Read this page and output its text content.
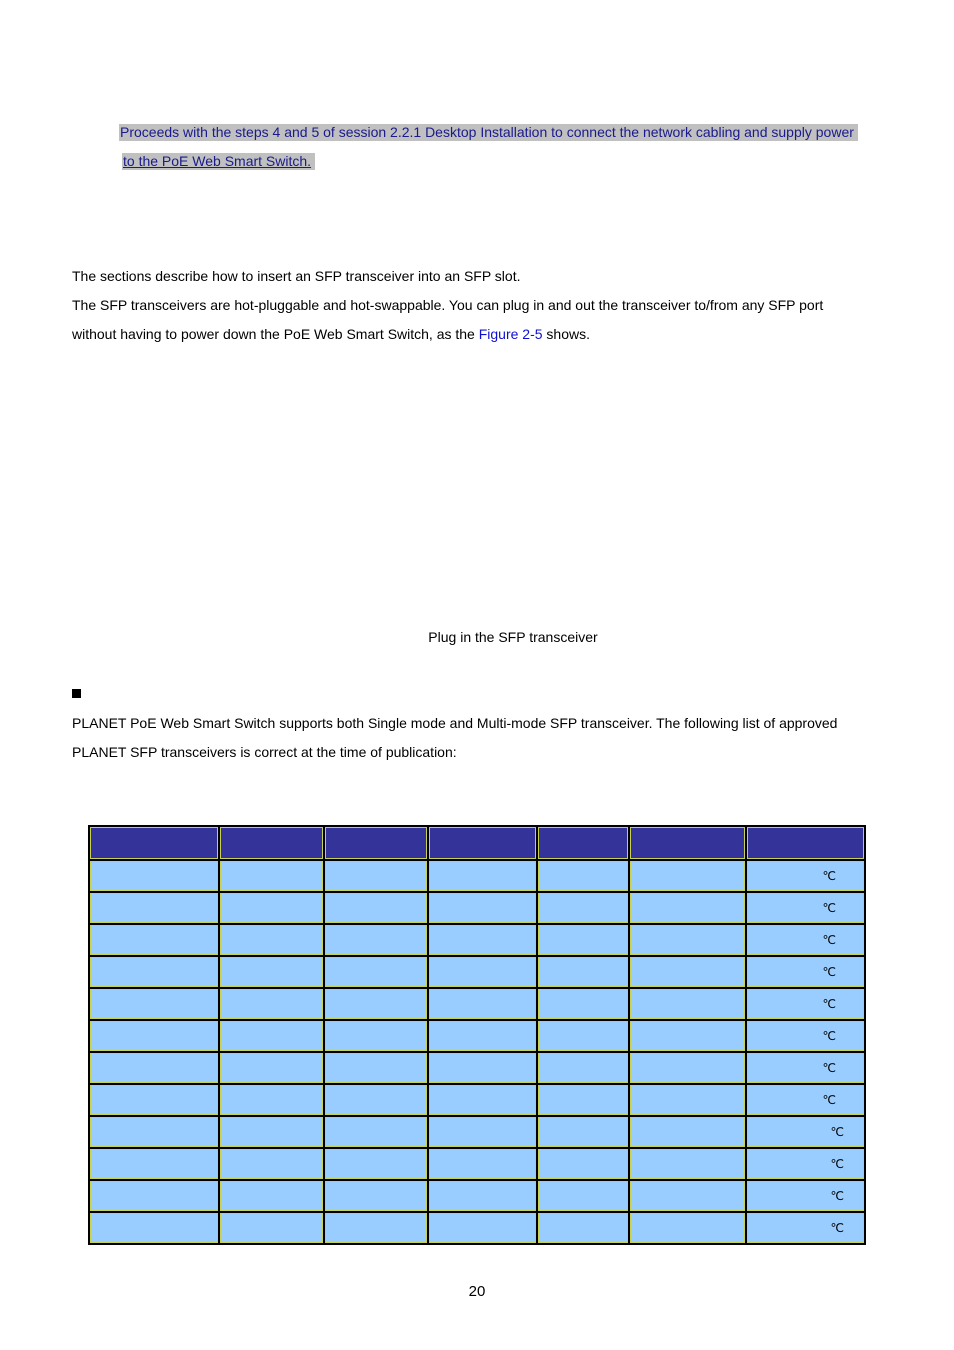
Proceeds with the steps 4 and 5 of session 2.2.1 Desktop Installation to connect the network cabling and supply power
to the PoE Web Smart Switch.
The sections describe how to insert an SFP transceiver into an SFP slot.
The SFP transceivers are hot-pluggable and hot-swappable. You can plug in and out the transceiver to/from any SFP port
without having to power down the PoE Web Smart Switch, as the Figure 2-5 shows.
Plug in the SFP transceiver
PLANET PoE Web Smart Switch supports both Single mode and Multi-mode SFP transceiver. The following list of approved
PLANET SFP transceivers is correct at the time of publication:

						℃
						℃
						℃
						℃
						℃
						℃
						℃
						℃
						℃
						℃
						℃
						℃
20
